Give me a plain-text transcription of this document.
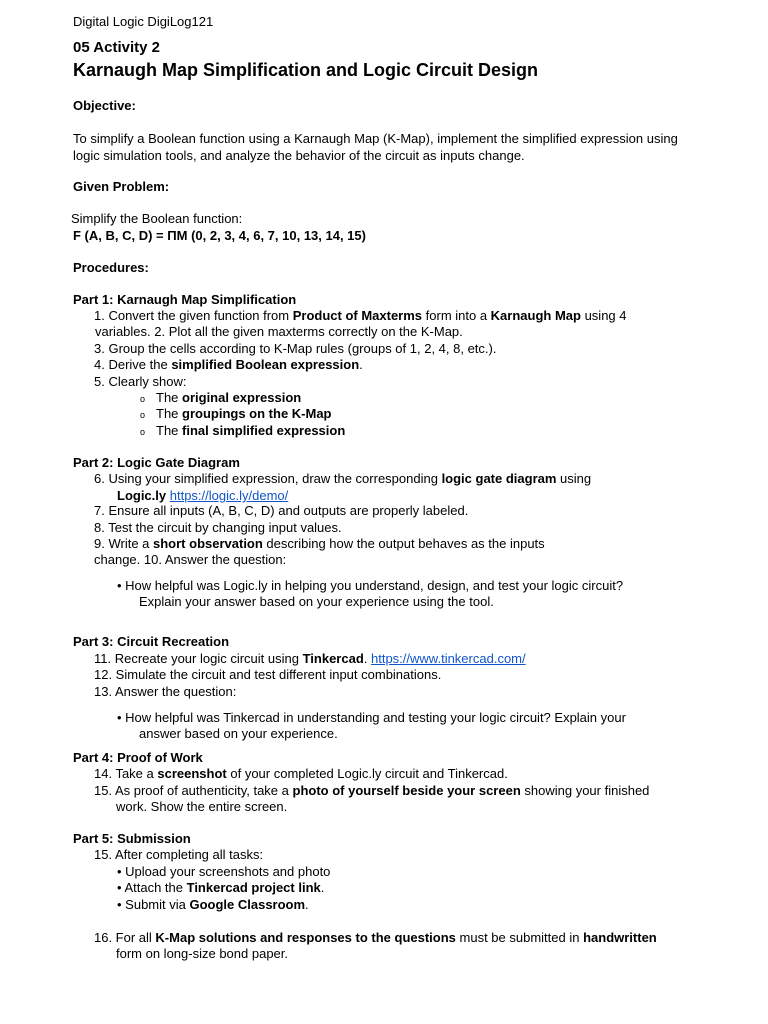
Digital Logic DigiLog121
05 Activity 2
Karnaugh Map Simplification and Logic Circuit Design
Objective:
To simplify a Boolean function using a Karnaugh Map (K-Map), implement the simplified expression using
logic simulation tools, and analyze the behavior of the circuit as inputs change.
Given Problem:
Simplify the Boolean function:
F (A, B, C, D) = ΠM (0, 2, 3, 4, 6, 7, 10, 13, 14, 15)
Procedures:
Part 1: Karnaugh Map Simplification
1. Convert the given function from Product of Maxterms form into a Karnaugh Map using 4
variables. 2. Plot all the given maxterms correctly on the K-Map.
3. Group the cells according to K-Map rules (groups of 1, 2, 4, 8, etc.).
4. Derive the simplified Boolean expression.
5. Clearly show:
o The original expression
o The groupings on the K-Map
o The final simplified expression
Part 2: Logic Gate Diagram
6. Using your simplified expression, draw the corresponding logic gate diagram using
Logic.ly https://logic.ly/demo/
7. Ensure all inputs (A, B, C, D) and outputs are properly labeled.
8. Test the circuit by changing input values.
9. Write a short observation describing how the output behaves as the inputs
change. 10. Answer the question:
• How helpful was Logic.ly in helping you understand, design, and test your logic circuit?
Explain your answer based on your experience using the tool.
Part 3: Circuit Recreation
11. Recreate your logic circuit using Tinkercad. https://www.tinkercad.com/
12. Simulate the circuit and test different input combinations.
13. Answer the question:
• How helpful was Tinkercad in understanding and testing your logic circuit? Explain your
answer based on your experience.
Part 4: Proof of Work
14. Take a screenshot of your completed Logic.ly circuit and Tinkercad.
15. As proof of authenticity, take a photo of yourself beside your screen showing your finished
work. Show the entire screen.
Part 5: Submission
15. After completing all tasks:
• Upload your screenshots and photo
• Attach the Tinkercad project link.
• Submit via Google Classroom.
16. For all K-Map solutions and responses to the questions must be submitted in handwritten
form on long-size bond paper.
